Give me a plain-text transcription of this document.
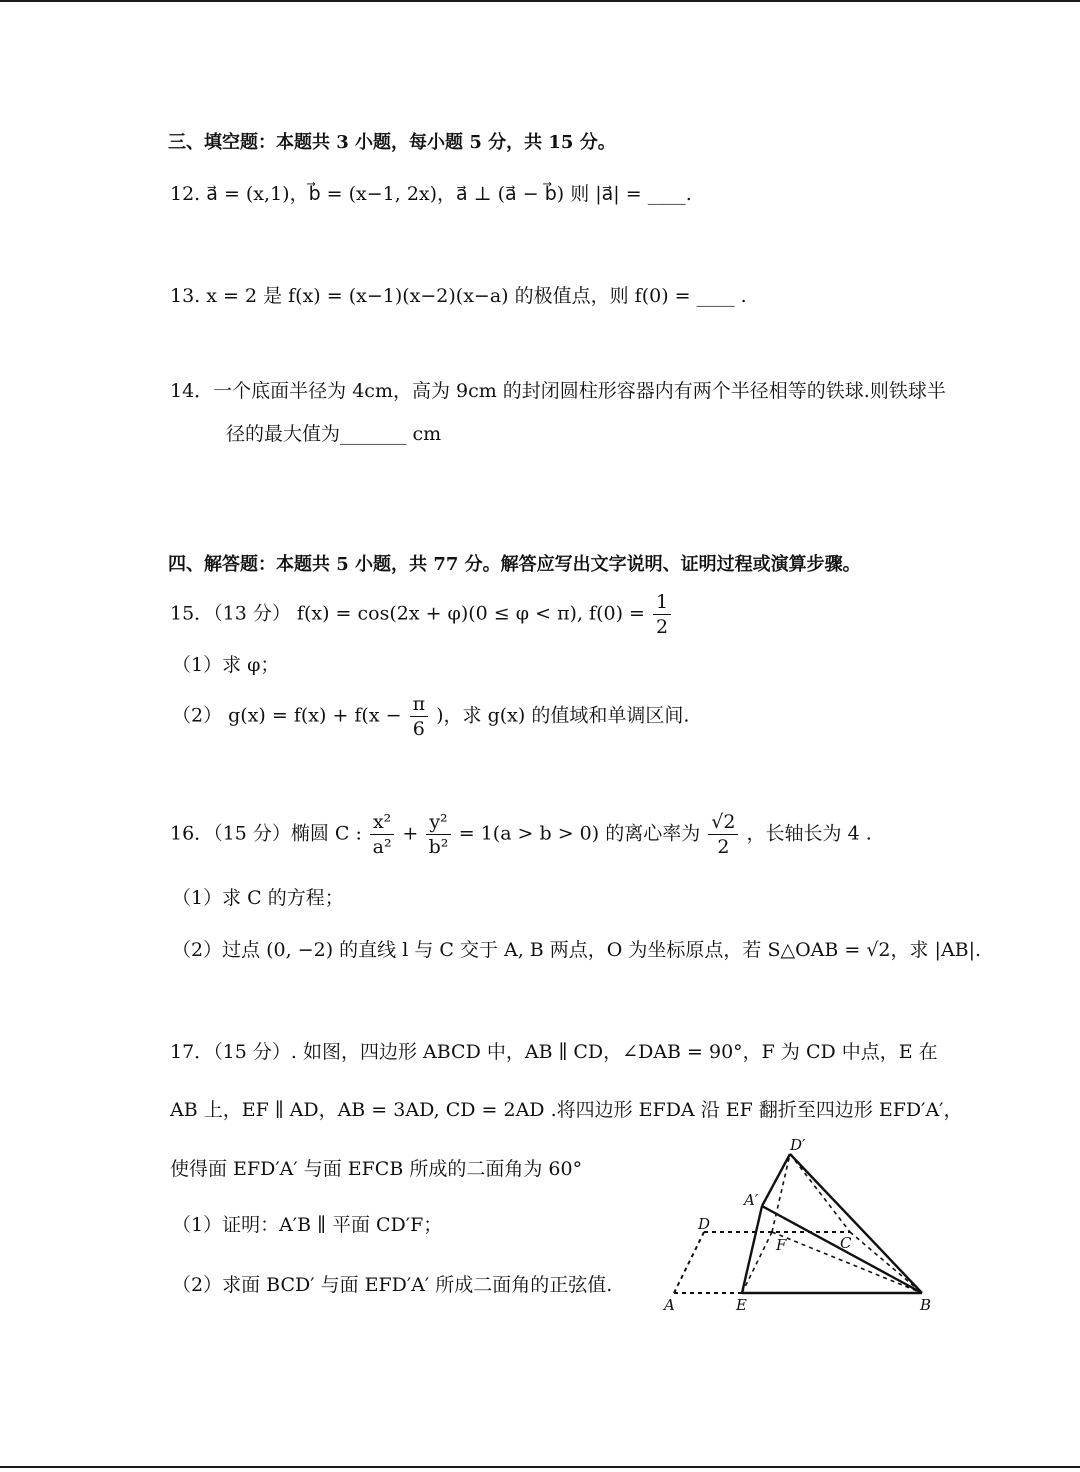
三、填空题：本题共 3 小题，每小题 5 分，共 15 分。
12. a⃗ = (x,1)，b⃗ = (x−1, 2x)，a⃗ ⊥ (a⃗ − b⃗) 则 |a⃗| = ____.
13. x = 2 是 f(x) = (x−1)(x−2)(x−a) 的极值点，则 f(0) = ____ .
14．一个底面半径为 4cm，高为 9cm 的封闭圆柱形容器内有两个半径相等的铁球.则铁球半
径的最大值为_______ cm
四、解答题：本题共 5 小题，共 77 分。解答应写出文字说明、证明过程或演算步骤。
15．（13 分） f(x) = cos(2x + φ)(0 ≤ φ < π), $f(0) = \frac{1}{2}$
（1）求 φ；
（2） $g(x) = f(x) + f(x - \frac{\pi}{6}$ )，求 g(x) 的值域和单调区间.
16．（15 分）椭圆 C : $\frac{\text{x²}}{\text{a²}} + \frac{\text{y²}}{\text{b²}} = 1(a > b > 0)$ 的离心率为 $\frac{√2}{2}$ ，长轴长为 4 .
（1）求 C 的方程；
（2）过点 (0, −2) 的直线 l 与 C 交于 A, B 两点，O 为坐标原点，若 S△OAB = √2，求 |AB|.
17．（15 分）. 如图，四边形 ABCD 中，AB ∥ CD，∠DAB = 90°，F 为 CD 中点，E 在
AB 上，EF ∥ AD，AB = 3AD, CD = 2AD .将四边形 EFDA 沿 EF 翻折至四边形 EFD′A′，
使得面 EFD′A′ 与面 EFCB 所成的二面角为 60°
（1）证明：A′B ∥ 平面 CD′F；
（2）求面 BCD′ 与面 EFD′A′ 所成二面角的正弦值.
D′
A′
D
F	C
A	E	B
